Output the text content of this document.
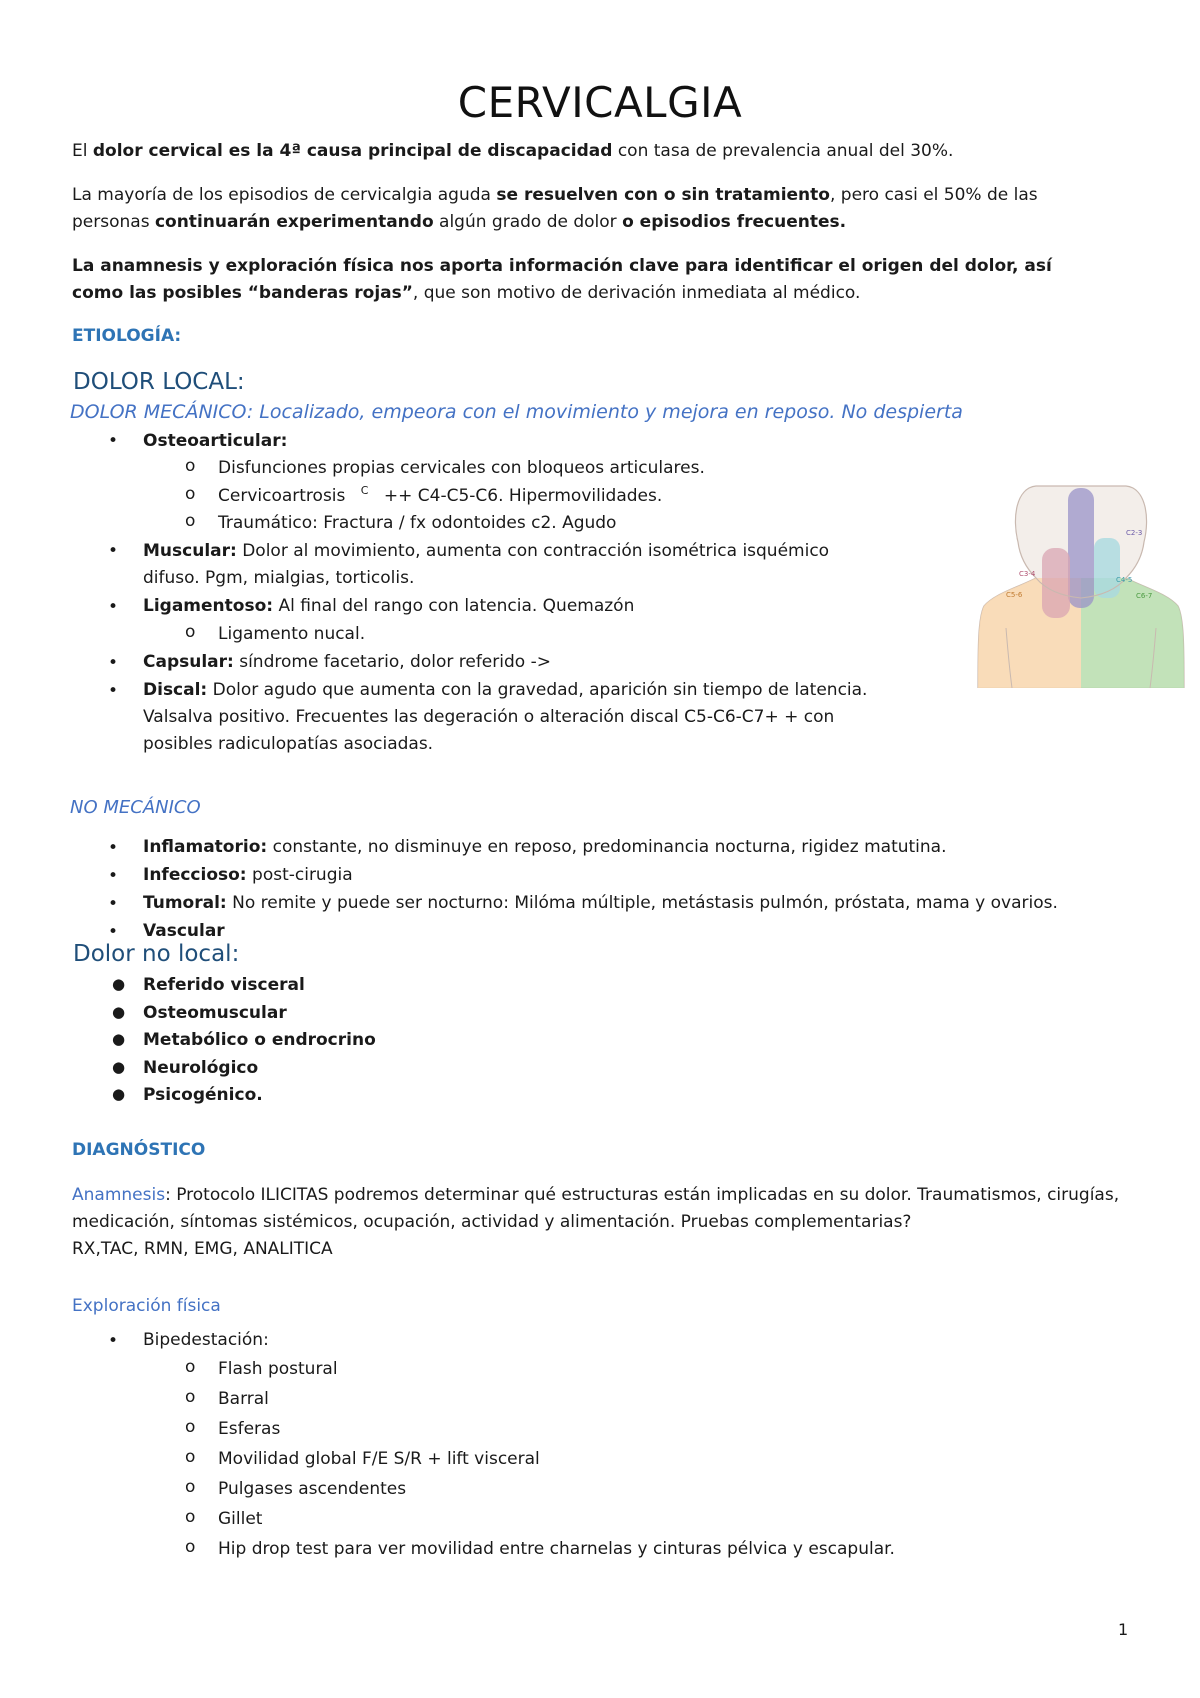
CERVICALGIA
El dolor cervical es la 4ª causa principal de discapacidad con tasa de prevalencia anual del 30%.
La mayoría de los episodios de cervicalgia aguda se resuelven con o sin tratamiento, pero casi el 50% de las personas continuarán experimentando algún grado de dolor o episodios frecuentes.
La anamnesis y exploración física nos aporta información clave para identificar el origen del dolor, así como las posibles “banderas rojas”, que son motivo de derivación inmediata al médico.
ETIOLOGÍA:
DOLOR LOCAL:
DOLOR MECÁNICO: Localizado, empeora con el movimiento y mejora en reposo. No despierta
• Osteoarticular:
o Disfunciones propias cervicales con bloqueos articulares.
o Cervicoartrosis $^C$ ++ C4-C5-C6. Hipermovilidades.
o Traumático: Fractura / fx odontoides c2. Agudo
• Muscular: Dolor al movimiento, aumenta con contracción isométrica isquémico difuso. Pgm, mialgias, torticolis.
• Ligamentoso: Al final del rango con latencia. Quemazón
o Ligamento nucal.
• Capsular: síndrome facetario, dolor referido ->
• Discal: Dolor agudo que aumenta con la gravedad, aparición sin tiempo de latencia. Valsalva positivo. Frecuentes las degeración o alteración discal C5-C6-C7+ + con posibles radiculopatías asociadas.
C2-3
C3-4
C4-5
C5-6	C6-7
NO MECÁNICO
• Inflamatorio: constante, no disminuye en reposo, predominancia nocturna, rigidez matutina.
• Infeccioso: post-cirugia
• Tumoral: No remite y puede ser nocturno: Milóma múltiple, metástasis pulmón, próstata, mama y ovarios.
• Vascular
Dolor no local:
● Referido visceral
● Osteomuscular
● Metabólico o endrocrino
● Neurológico
● Psicogénico.
DIAGNÓSTICO
Anamnesis: Protocolo ILICITAS podremos determinar qué estructuras están implicadas en su dolor. Traumatismos, cirugías, medicación, síntomas sistémicos, ocupación, actividad y alimentación. Pruebas complementarias?
RX,TAC, RMN, EMG, ANALITICA
Exploración física
• Bipedestación:
o Flash postural
o Barral
o Esferas
o Movilidad global F/E S/R + lift visceral
o Pulgases ascendentes
o Gillet
o Hip drop test para ver movilidad entre charnelas y cinturas pélvica y escapular.
1
